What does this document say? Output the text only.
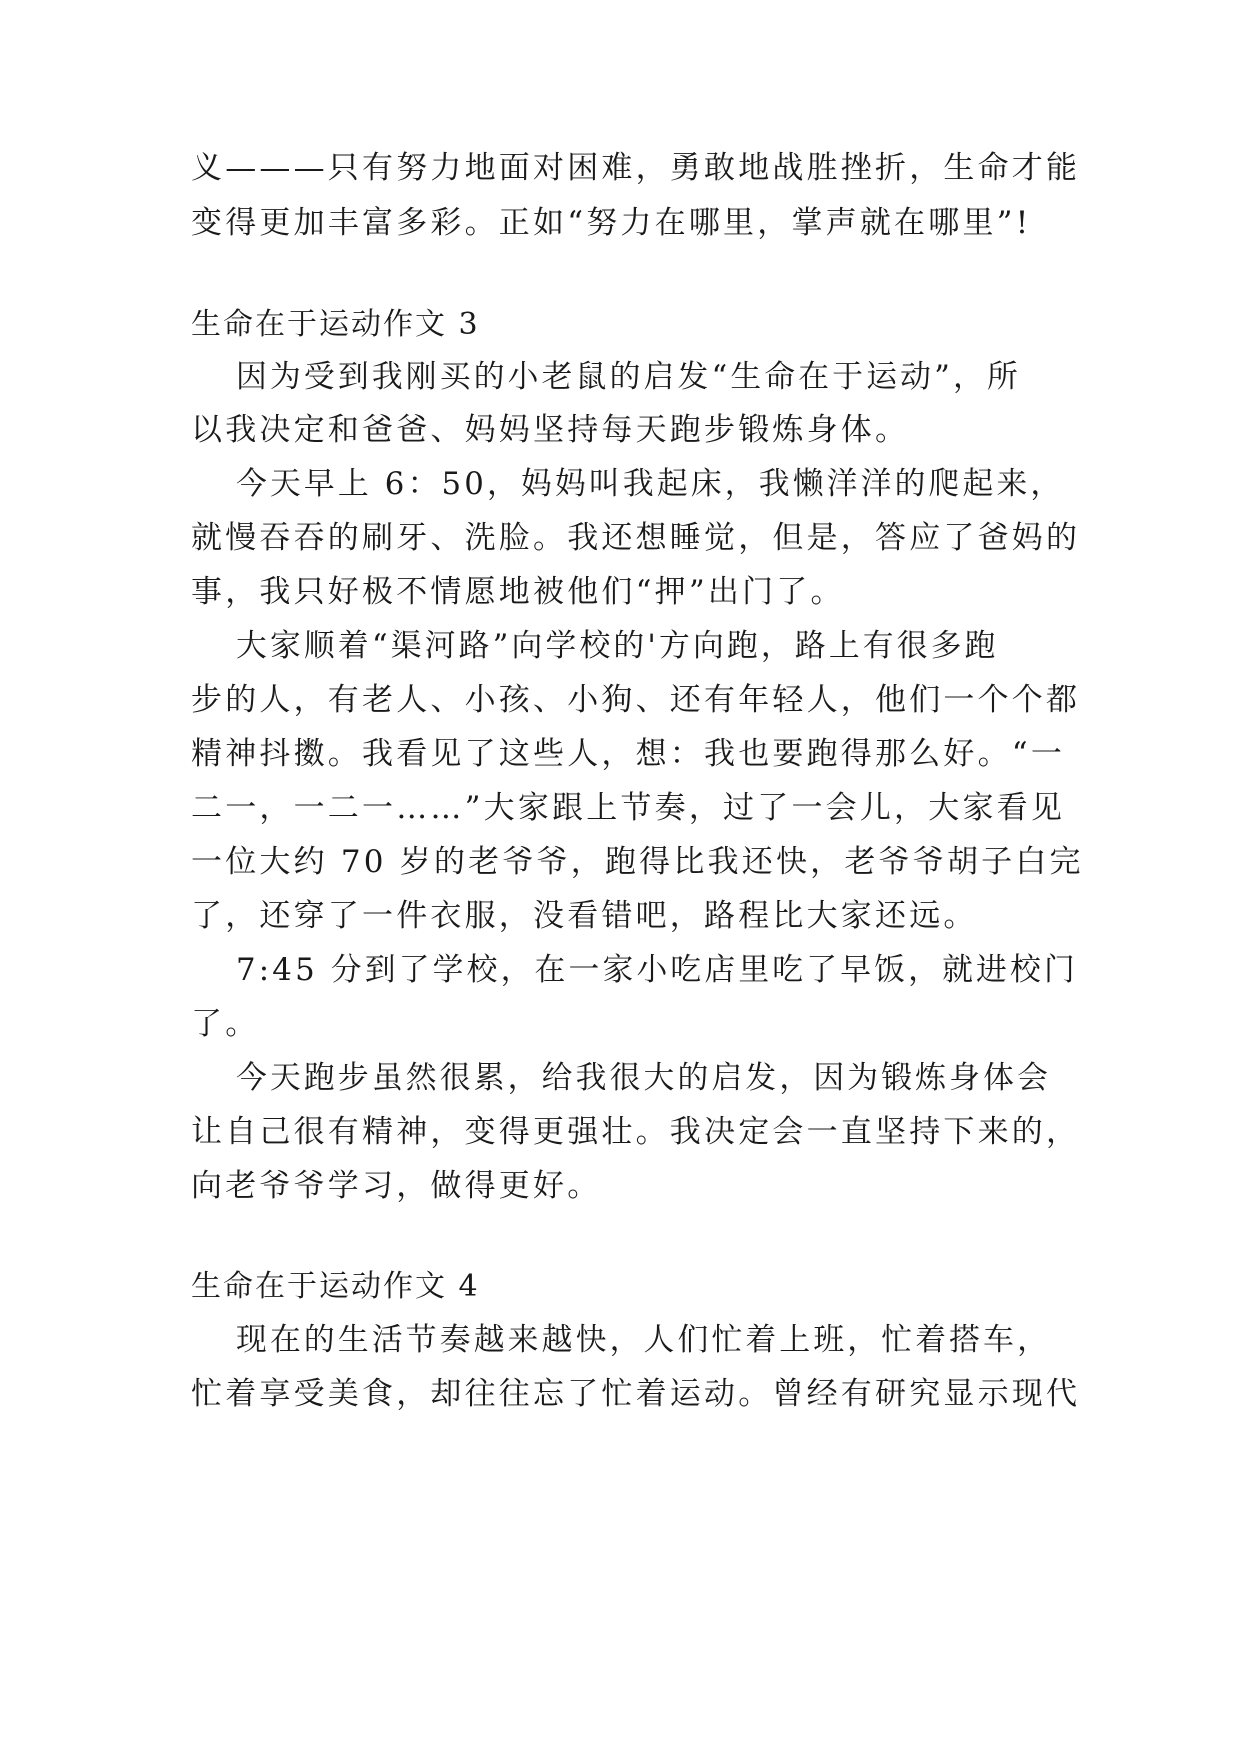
义———只有努力地面对困难，勇敢地战胜挫折，生命才能
变得更加丰富多彩。正如“努力在哪里，掌声就在哪里”!
生命在于运动作文 3
因为受到我刚买的小老鼠的启发“生命在于运动”，所
以我决定和爸爸、妈妈坚持每天跑步锻炼身体。
今天早上 6：50，妈妈叫我起床，我懒洋洋的爬起来，
就慢吞吞的刷牙、洗脸。我还想睡觉，但是，答应了爸妈的
事，我只好极不情愿地被他们“押”出门了。
大家顺着“渠河路”向学校的'方向跑，路上有很多跑
步的人，有老人、小孩、小狗、还有年轻人，他们一个个都
精神抖擞。我看见了这些人，想：我也要跑得那么好。“一
二一，一二一……”大家跟上节奏，过了一会儿，大家看见
一位大约 70 岁的老爷爷，跑得比我还快，老爷爷胡子白完
了，还穿了一件衣服，没看错吧，路程比大家还远。
7:45 分到了学校，在一家小吃店里吃了早饭，就进校门
了。
今天跑步虽然很累，给我很大的启发，因为锻炼身体会
让自己很有精神，变得更强壮。我决定会一直坚持下来的，
向老爷爷学习，做得更好。
生命在于运动作文 4
现在的生活节奏越来越快，人们忙着上班，忙着搭车，
忙着享受美食，却往往忘了忙着运动。曾经有研究显示现代
